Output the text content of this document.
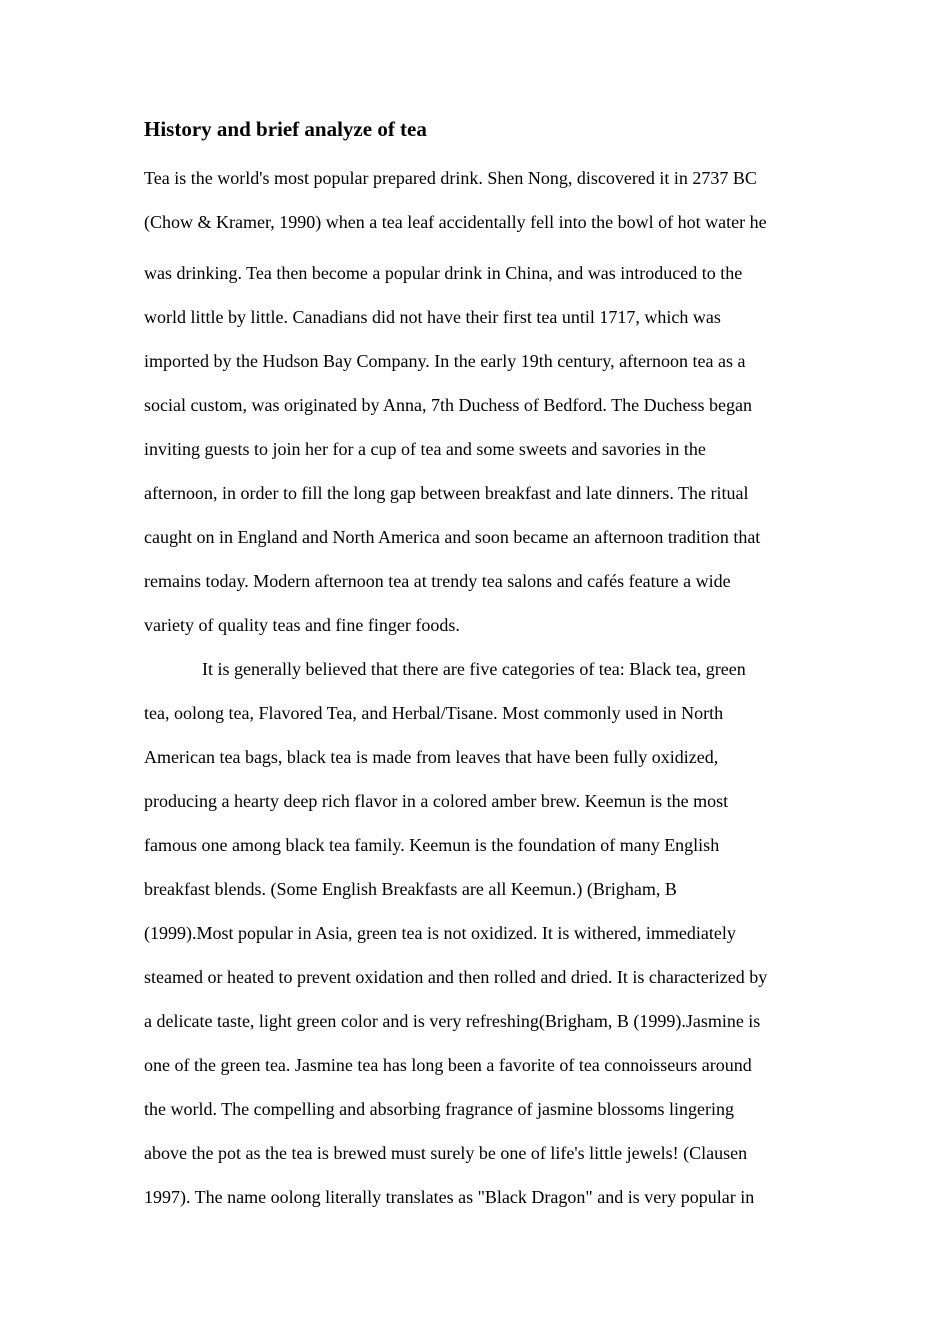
History and brief analyze of tea
Tea is the world's most popular prepared drink. Shen Nong, discovered it in 2737 BC
(Chow & Kramer, 1990) when a tea leaf accidentally fell into the bowl of hot water he
was drinking. Tea then become a popular drink in China, and was introduced to the
world little by little. Canadians did not have their first tea until 1717, which was
imported by the Hudson Bay Company. In the early 19th century, afternoon tea as a
social custom, was originated by Anna, 7th Duchess of Bedford. The Duchess began
inviting guests to join her for a cup of tea and some sweets and savories in the
afternoon, in order to fill the long gap between breakfast and late dinners. The ritual
caught on in England and North America and soon became an afternoon tradition that
remains today. Modern afternoon tea at trendy tea salons and cafés feature a wide
variety of quality teas and fine finger foods.
It is generally believed that there are five categories of tea: Black tea, green
tea, oolong tea, Flavored Tea, and Herbal/Tisane. Most commonly used in North
American tea bags, black tea is made from leaves that have been fully oxidized,
producing a hearty deep rich flavor in a colored amber brew. Keemun is the most
famous one among black tea family. Keemun is the foundation of many English
breakfast blends. (Some English Breakfasts are all Keemun.) (Brigham, B
(1999).Most popular in Asia, green tea is not oxidized. It is withered, immediately
steamed or heated to prevent oxidation and then rolled and dried. It is characterized by
a delicate taste, light green color and is very refreshing(Brigham, B (1999).Jasmine is
one of the green tea. Jasmine tea has long been a favorite of tea connoisseurs around
the world. The compelling and absorbing fragrance of jasmine blossoms lingering
above the pot as the tea is brewed must surely be one of life's little jewels! (Clausen
1997). The name oolong literally translates as "Black Dragon" and is very popular in
